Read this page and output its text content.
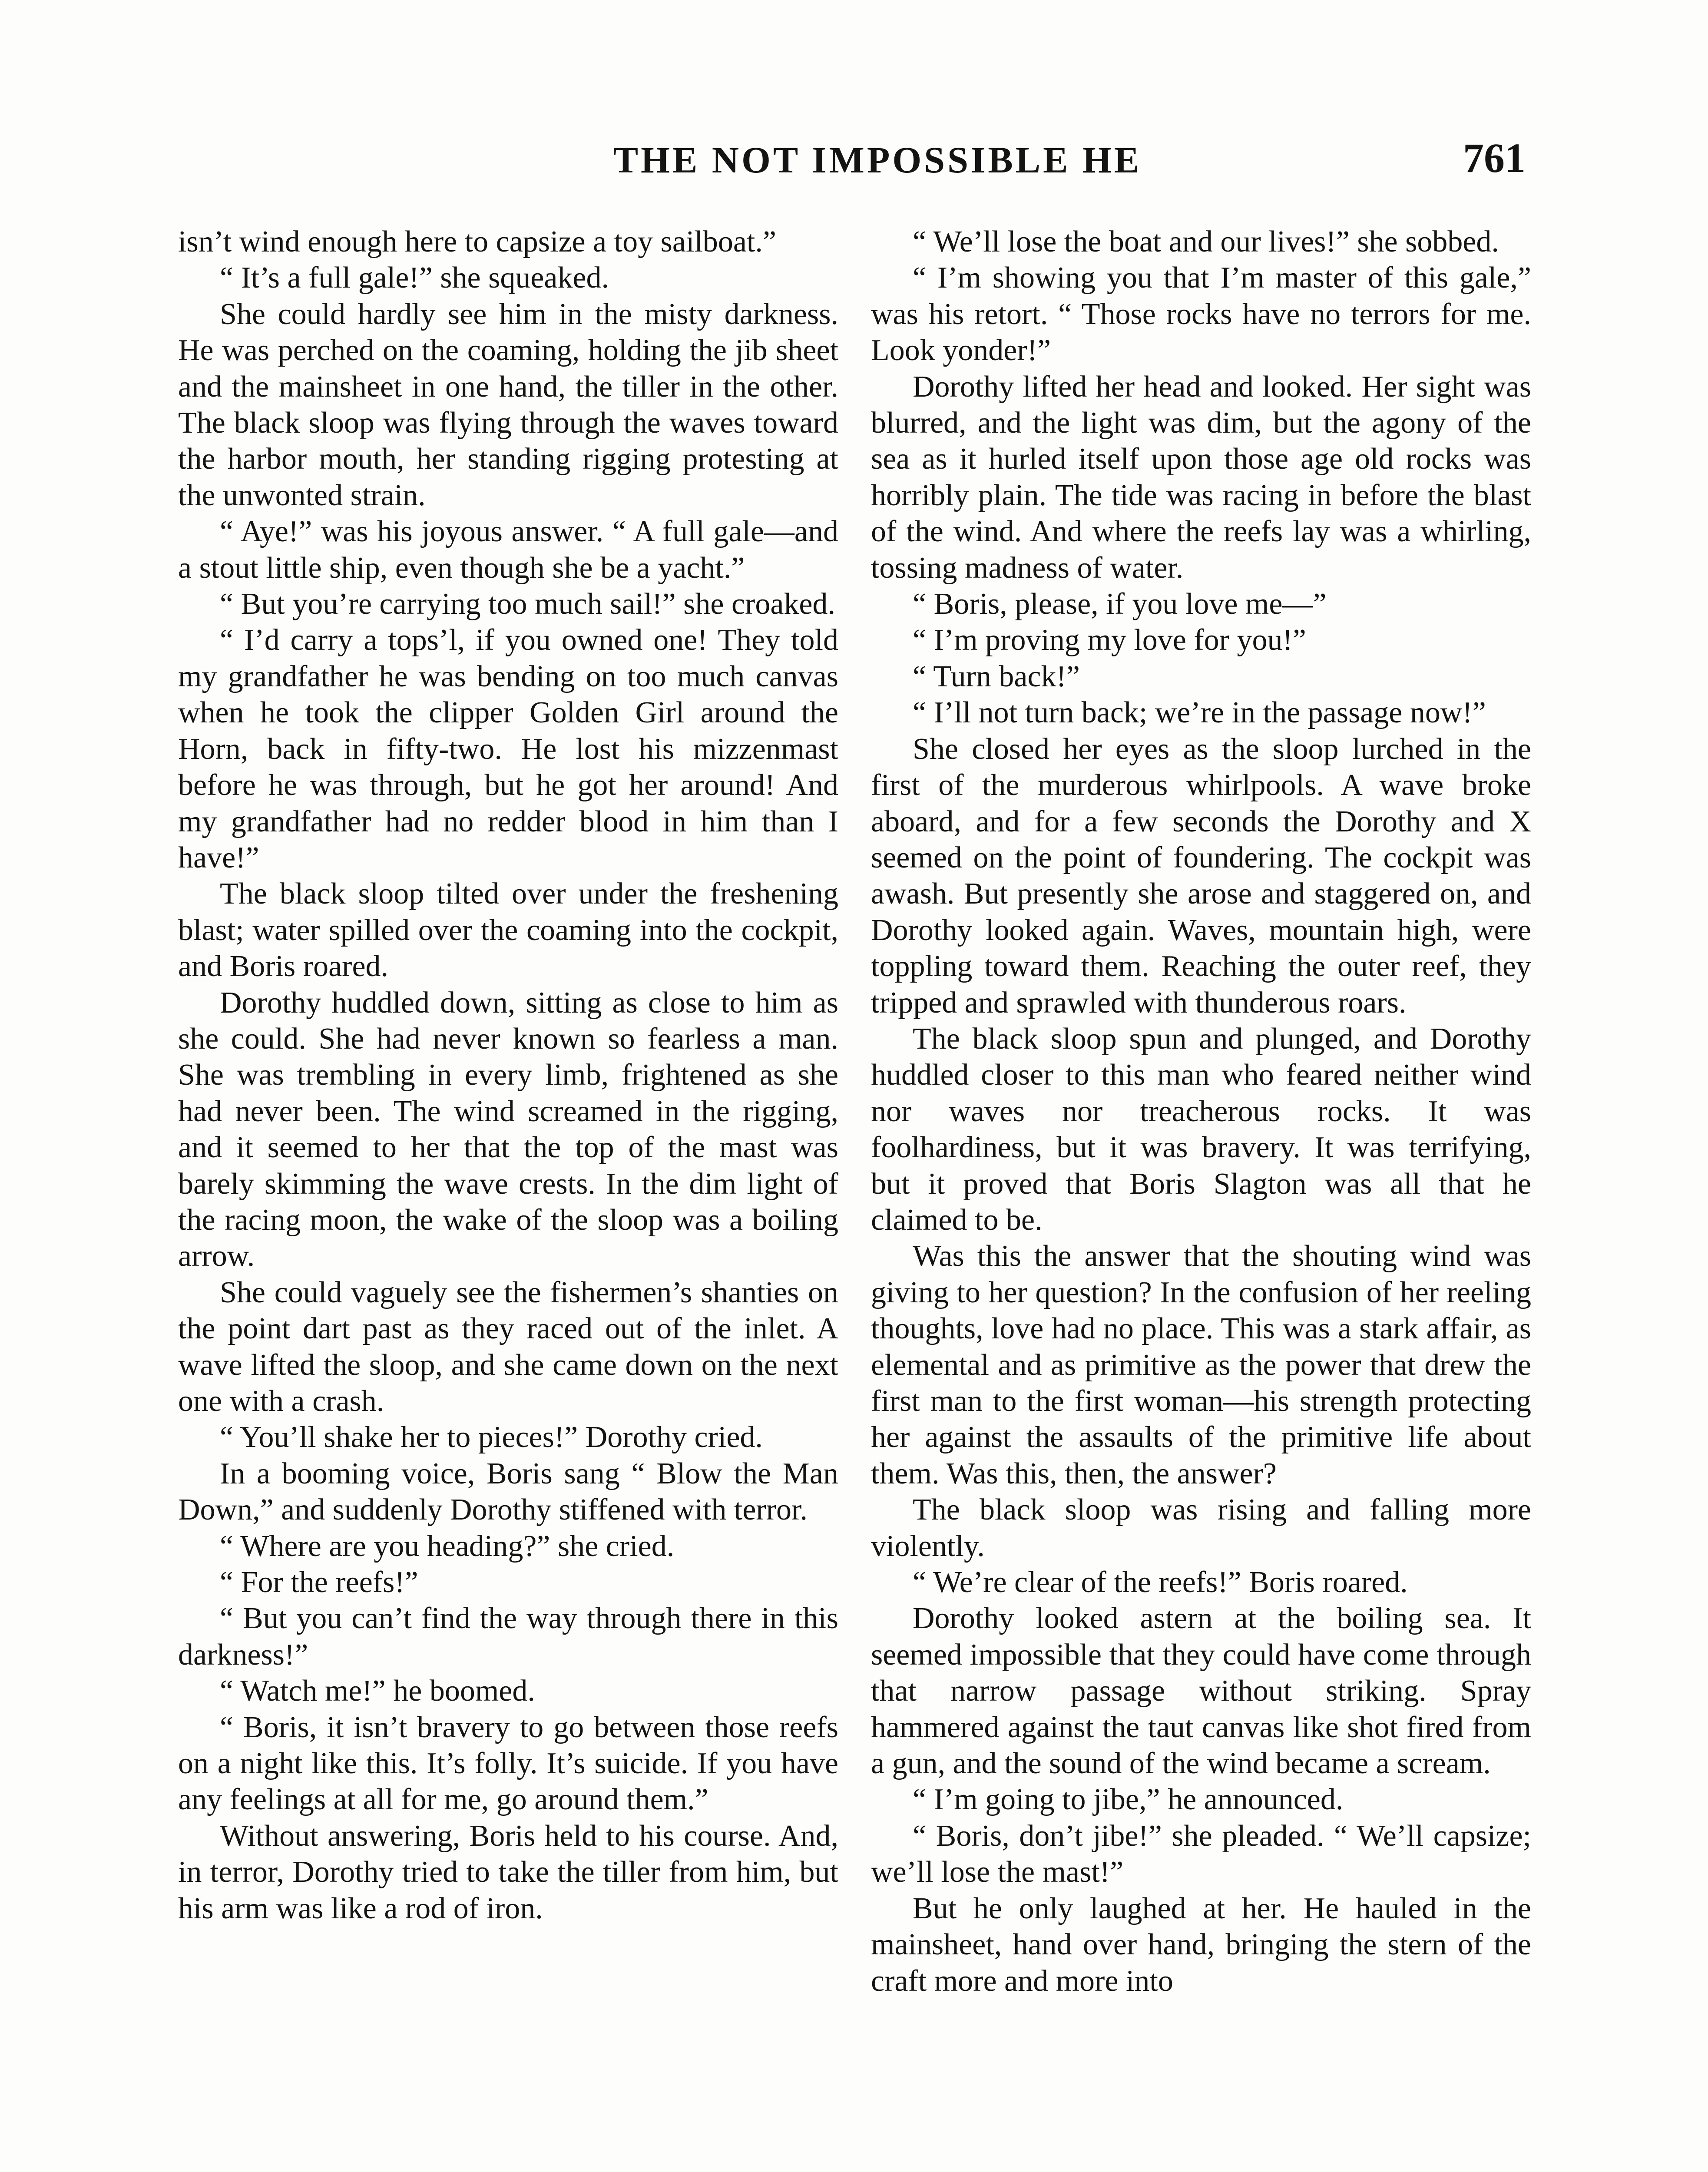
THE NOT IMPOSSIBLE HE	761

isn’t wind enough here to capsize a toy sailboat.”

“ It’s a full gale!” she squeaked.

She could hardly see him in the misty darkness. He was perched on the coaming, holding the jib sheet and the mainsheet in one hand, the tiller in the other. The black sloop was flying through the waves toward the harbor mouth, her standing rigging protesting at the unwonted strain.

“ Aye!” was his joyous answer. “ A full gale—and a stout little ship, even though she be a yacht.”

“ But you’re carrying too much sail!” she croaked.

“ I’d carry a tops’l, if you owned one! They told my grandfather he was bending on too much canvas when he took the clipper Golden Girl around the Horn, back in fifty-two. He lost his mizzenmast before he was through, but he got her around! And my grandfather had no redder blood in him than I have!”

The black sloop tilted over under the freshening blast; water spilled over the coaming into the cockpit, and Boris roared.

Dorothy huddled down, sitting as close to him as she could. She had never known so fearless a man. She was trembling in every limb, frightened as she had never been. The wind screamed in the rigging, and it seemed to her that the top of the mast was barely skimming the wave crests. In the dim light of the racing moon, the wake of the sloop was a boiling arrow.

She could vaguely see the fishermen’s shanties on the point dart past as they raced out of the inlet. A wave lifted the sloop, and she came down on the next one with a crash.

“ You’ll shake her to pieces!” Dorothy cried.

In a booming voice, Boris sang “ Blow the Man Down,” and suddenly Dorothy stiffened with terror.

“ Where are you heading?” she cried.

“ For the reefs!”

“ But you can’t find the way through there in this darkness!”

“ Watch me!” he boomed.

“ Boris, it isn’t bravery to go between those reefs on a night like this. It’s folly. It’s suicide. If you have any feelings at all for me, go around them.”

Without answering, Boris held to his course. And, in terror, Dorothy tried to take the tiller from him, but his arm was like a rod of iron.

“ We’ll lose the boat and our lives!” she sobbed.

“ I’m showing you that I’m master of this gale,” was his retort. “ Those rocks have no terrors for me. Look yonder!”

Dorothy lifted her head and looked. Her sight was blurred, and the light was dim, but the agony of the sea as it hurled itself upon those age old rocks was horribly plain. The tide was racing in before the blast of the wind. And where the reefs lay was a whirling, tossing madness of water.

“ Boris, please, if you love me—”

“ I’m proving my love for you!”

“ Turn back!”

“ I’ll not turn back; we’re in the passage now!”

She closed her eyes as the sloop lurched in the first of the murderous whirlpools. A wave broke aboard, and for a few seconds the Dorothy and X seemed on the point of foundering. The cockpit was awash. But presently she arose and staggered on, and Dorothy looked again. Waves, mountain high, were toppling toward them. Reaching the outer reef, they tripped and sprawled with thunderous roars.

The black sloop spun and plunged, and Dorothy huddled closer to this man who feared neither wind nor waves nor treacherous rocks. It was foolhardiness, but it was bravery. It was terrifying, but it proved that Boris Slagton was all that he claimed to be.

Was this the answer that the shouting wind was giving to her question? In the confusion of her reeling thoughts, love had no place. This was a stark affair, as elemental and as primitive as the power that drew the first man to the first woman—his strength protecting her against the assaults of the primitive life about them. Was this, then, the answer?

The black sloop was rising and falling more violently.

“ We’re clear of the reefs!” Boris roared.

Dorothy looked astern at the boiling sea. It seemed impossible that they could have come through that narrow passage without striking. Spray hammered against the taut canvas like shot fired from a gun, and the sound of the wind became a scream.

“ I’m going to jibe,” he announced.

“ Boris, don’t jibe!” she pleaded. “ We’ll capsize; we’ll lose the mast!”

But he only laughed at her. He hauled in the mainsheet, hand over hand, bringing the stern of the craft more and more into
